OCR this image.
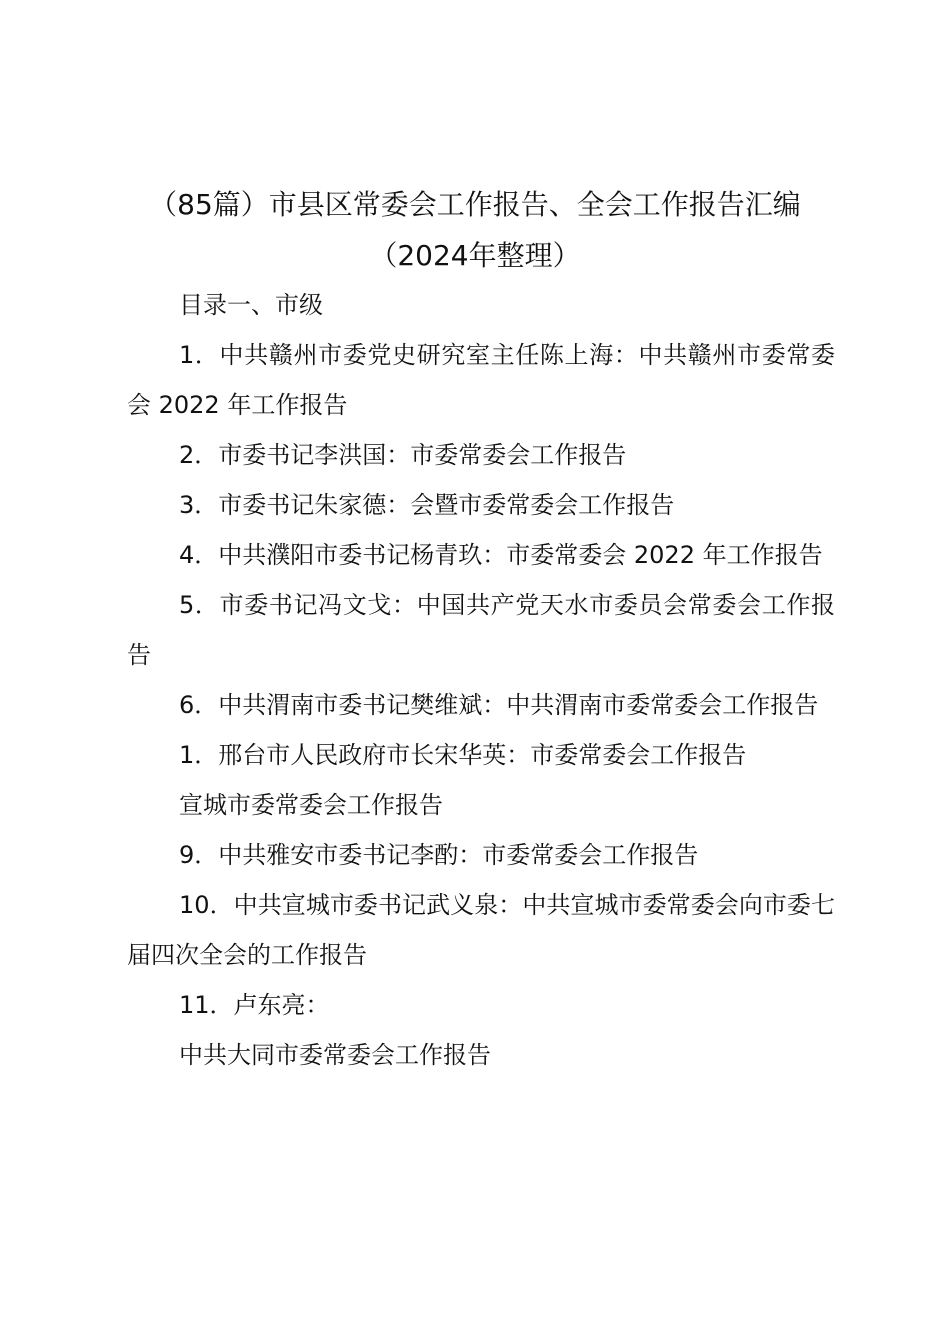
（85篇）市县区常委会工作报告、全会工作报告汇编
（2024年整理）

目录一、市级

1．中共赣州市委党史研究室主任陈上海：中共赣州市委常委会 2022 年工作报告

2．市委书记李洪国：市委常委会工作报告

3．市委书记朱家德：会暨市委常委会工作报告

4．中共濮阳市委书记杨青玖：市委常委会 2022 年工作报告

5．市委书记冯文戈：中国共产党天水市委员会常委会工作报告

6．中共渭南市委书记樊维斌：中共渭南市委常委会工作报告

1．邢台市人民政府市长宋华英：市委常委会工作报告

宣城市委常委会工作报告

9．中共雅安市委书记李酌：市委常委会工作报告

10．中共宣城市委书记武义泉：中共宣城市委常委会向市委七届四次全会的工作报告

11．卢东亮：

中共大同市委常委会工作报告
